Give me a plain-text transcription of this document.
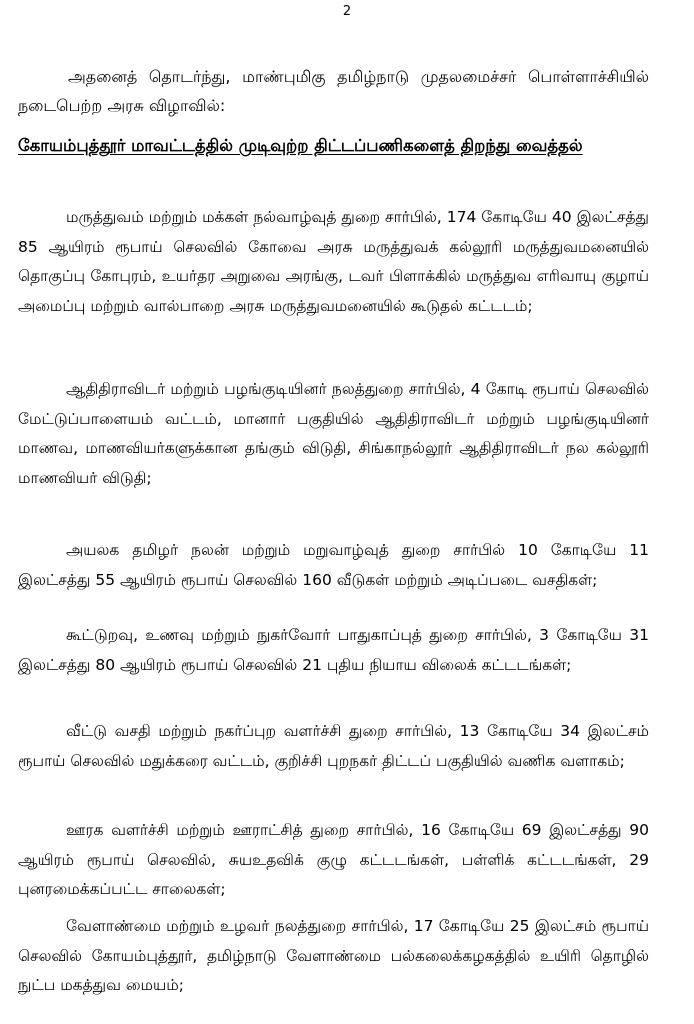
2

அதனைத் தொடர்ந்து, மாண்புமிகு தமிழ்நாடு முதலமைச்சர் பொள்ளாச்சியில் நடைபெற்ற அரசு விழாவில்:

கோயம்புத்தூர் மாவட்டத்தில் முடிவுற்ற திட்டப்பணிகளைத் திறந்து வைத்தல்

மருத்துவம் மற்றும் மக்கள் நல்வாழ்வுத் துறை சார்பில், 174 கோடியே 40 இலட்சத்து 85 ஆயிரம் ரூபாய் செலவில் கோவை அரசு மருத்துவக் கல்லூரி மருத்துவமனையில் தொகுப்பு கோபுரம், உயர்தர அறுவை அரங்கு, டவர் பிளாக்கில் மருத்துவ எரிவாயு குழாய் அமைப்பு மற்றும் வால்பாறை அரசு மருத்துவமனையில் கூடுதல் கட்டடம்;

ஆதிதிராவிடர் மற்றும் பழங்குடியினர் நலத்துறை சார்பில், 4 கோடி ரூபாய் செலவில் மேட்டுப்பாளையம் வட்டம், மானார் பகுதியில் ஆதிதிராவிடர் மற்றும் பழங்குடியினர் மாணவ, மாணவியர்களுக்கான தங்கும் விடுதி, சிங்காநல்லூர் ஆதிதிராவிடர் நல கல்லூரி மாணவியர் விடுதி;

அயலக தமிழர் நலன் மற்றும் மறுவாழ்வுத் துறை சார்பில் 10 கோடியே 11 இலட்சத்து 55 ஆயிரம் ரூபாய் செலவில் 160 வீடுகள் மற்றும் அடிப்படை வசதிகள்;

கூட்டுறவு, உணவு மற்றும் நுகர்வோர் பாதுகாப்புத் துறை சார்பில், 3 கோடியே 31 இலட்சத்து 80 ஆயிரம் ரூபாய் செலவில் 21 புதிய நியாய விலைக் கட்டடங்கள்;

வீட்டு வசதி மற்றும் நகர்ப்புற வளர்ச்சி துறை சார்பில், 13 கோடியே 34 இலட்சம் ரூபாய் செலவில் மதுக்கரை வட்டம், குறிச்சி புறநகர் திட்டப் பகுதியில் வணிக வளாகம்;

ஊரக வளர்ச்சி மற்றும் ஊராட்சித் துறை சார்பில், 16 கோடியே 69 இலட்சத்து 90 ஆயிரம் ரூபாய் செலவில், சுயஉதவிக் குழு கட்டடங்கள், பள்ளிக் கட்டடங்கள், 29 புனரமைக்கப்பட்ட சாலைகள்;

வேளாண்மை மற்றும் உழவர் நலத்துறை சார்பில், 17 கோடியே 25 இலட்சம் ரூபாய் செலவில் கோயம்புத்தூர், தமிழ்நாடு வேளாண்மை பல்கலைக்கழகத்தில் உயிரி தொழில் நுட்ப மகத்துவ மையம்;
